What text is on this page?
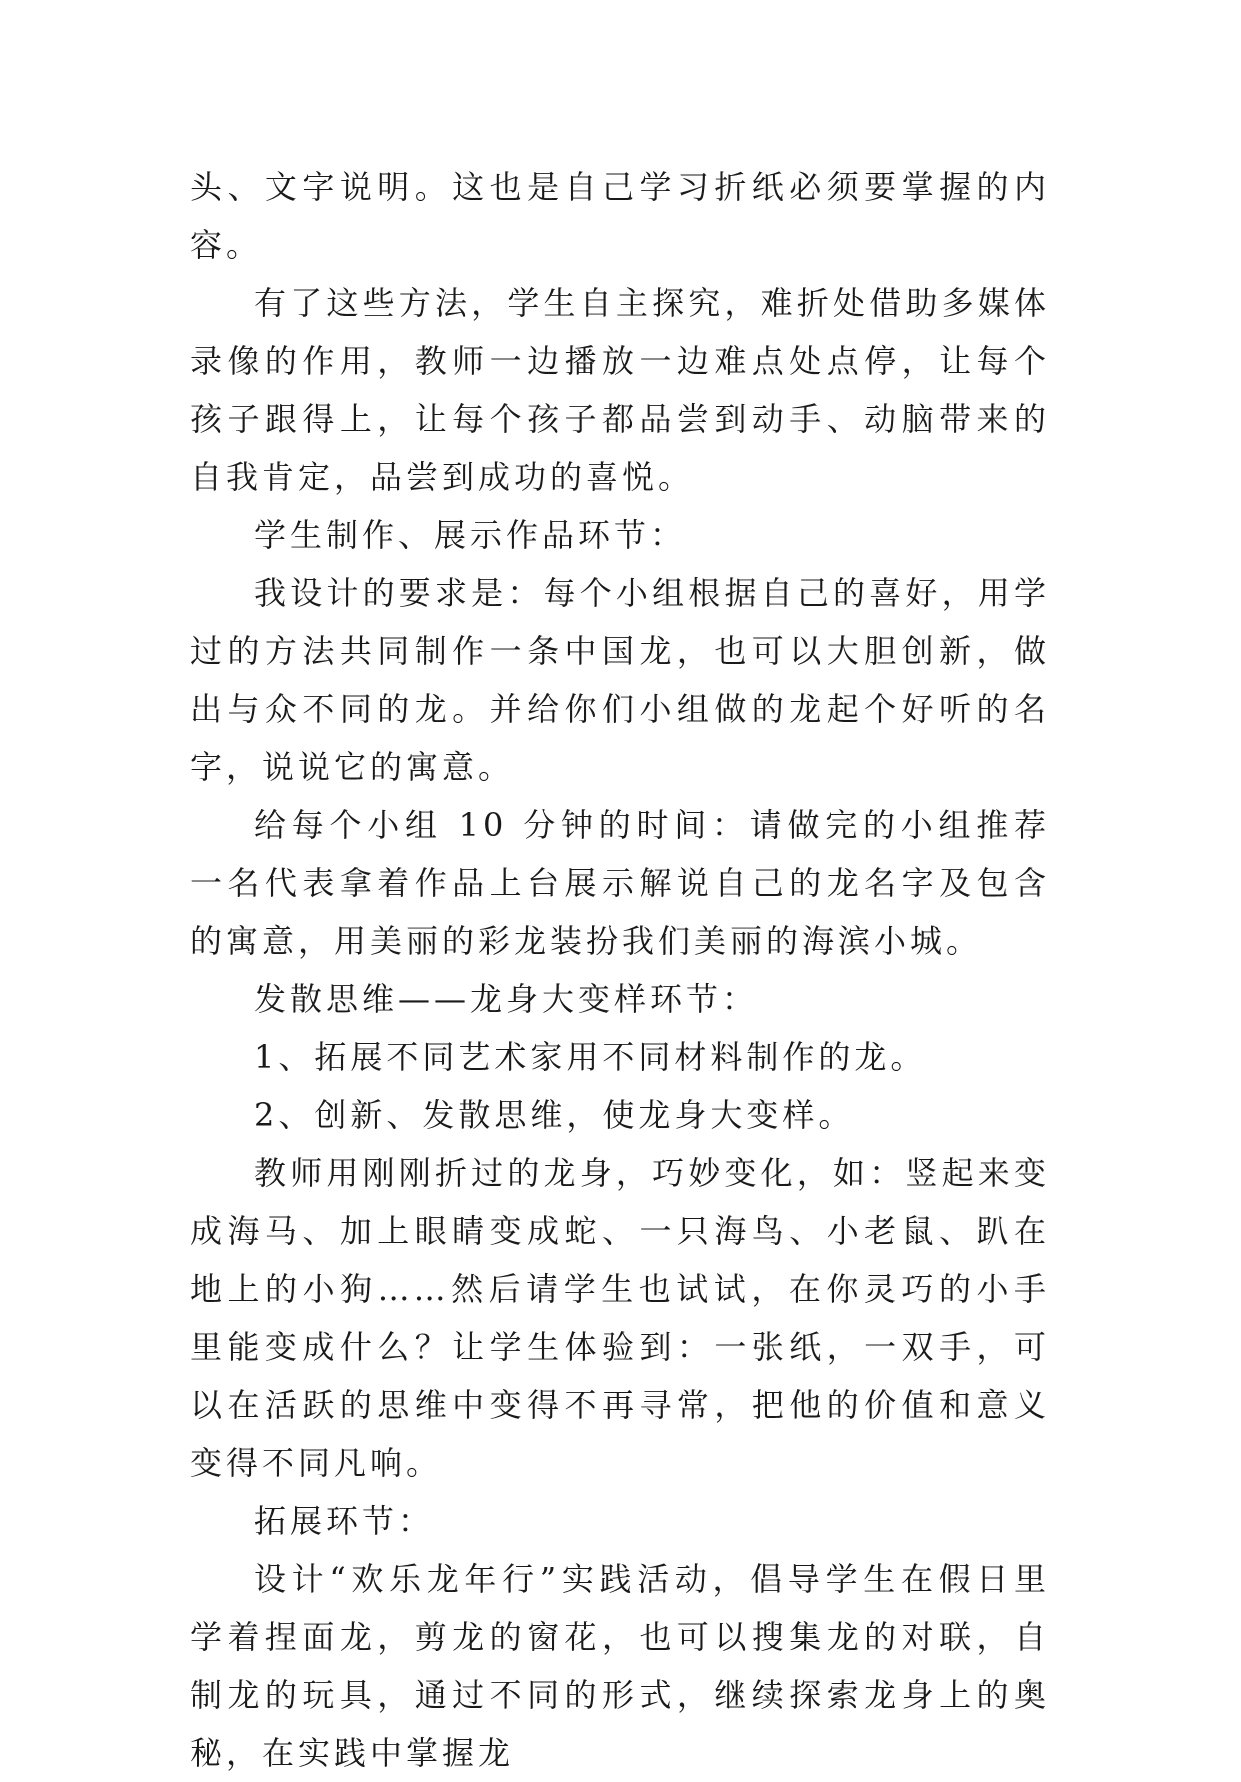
头、文字说明。这也是自己学习折纸必须要掌握的内容。

有了这些方法，学生自主探究，难折处借助多媒体录像的作用，教师一边播放一边难点处点停，让每个孩子跟得上，让每个孩子都品尝到动手、动脑带来的自我肯定，品尝到成功的喜悦。

学生制作、展示作品环节：

我设计的要求是：每个小组根据自己的喜好，用学过的方法共同制作一条中国龙，也可以大胆创新，做出与众不同的龙。并给你们小组做的龙起个好听的名字，说说它的寓意。

给每个小组 10 分钟的时间：请做完的小组推荐一名代表拿着作品上台展示解说自己的龙名字及包含的寓意，用美丽的彩龙装扮我们美丽的海滨小城。

发散思维——龙身大变样环节：

1、拓展不同艺术家用不同材料制作的龙。

2、创新、发散思维，使龙身大变样。

教师用刚刚折过的龙身，巧妙变化，如：竖起来变成海马、加上眼睛变成蛇、一只海鸟、小老鼠、趴在地上的小狗……然后请学生也试试，在你灵巧的小手里能变成什么？让学生体验到：一张纸，一双手，可以在活跃的思维中变得不再寻常，把他的价值和意义变得不同凡响。

拓展环节：

设计“欢乐龙年行”实践活动，倡导学生在假日里学着捏面龙，剪龙的窗花，也可以搜集龙的对联，自制龙的玩具，通过不同的形式，继续探索龙身上的奥秘，在实践中掌握龙
